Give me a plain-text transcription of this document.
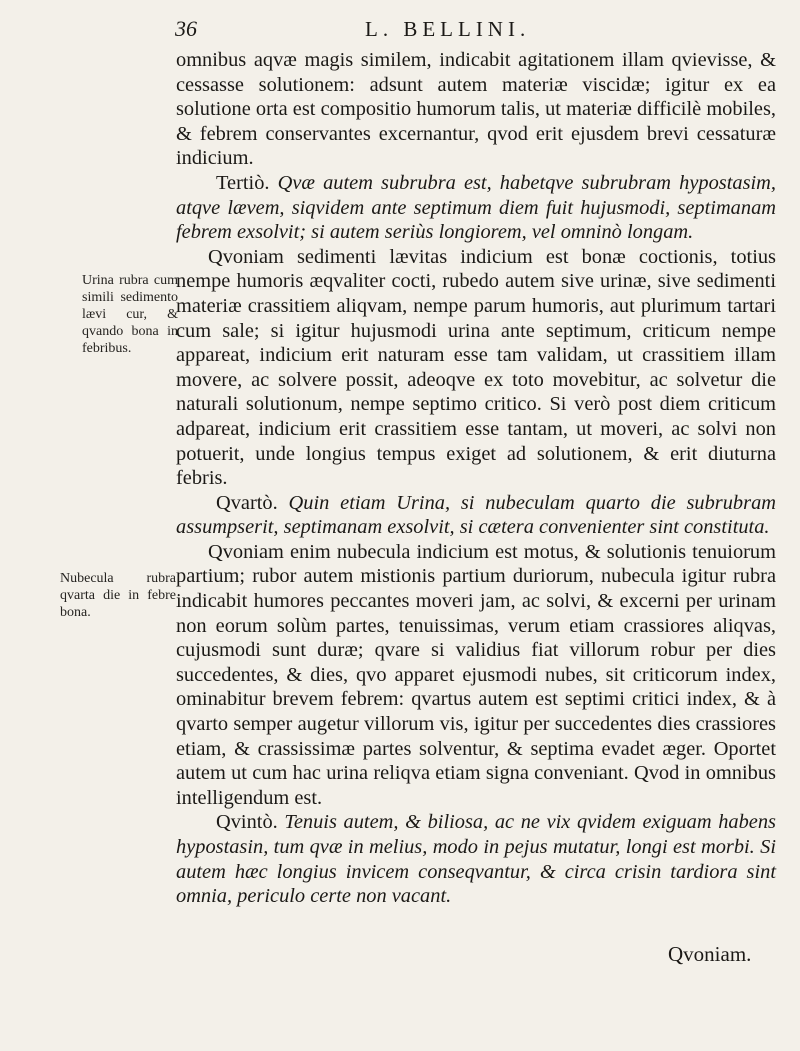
36	L. BELLINI.

omnibus aqvæ magis similem, indicabit agitationem illam qvievisse, & cessasse solutionem: adsunt autem materiæ viscidæ; igitur ex ea solutione orta est compositio humorum talis, ut materiæ difficilè mobiles, & febrem conservantes excernantur, qvod erit ejusdem brevi cessaturæ indicium.

Tertiò. Qvæ autem subrubra est, habetqve subrubram hypostasim, atqve lævem, siqvidem ante septimum diem fuit hujusmodi, septimanam febrem exsolvit; si autem seriùs longiorem, vel omninò longam.

Qvoniam sedimenti lævitas indicium est bonæ coctionis, totius nempe humoris æqvaliter cocti, rubedo autem sive urinæ, sive sedimenti materiæ crassitiem aliqvam, nempe parum humoris, aut plurimum tartari cum sale; si igitur hujusmodi urina ante septimum, criticum nempe appareat, indicium erit naturam esse tam validam, ut crassitiem illam movere, ac solvere possit, adeoqve ex toto movebitur, ac solvetur die naturali solutionum, nempe septimo critico. Si verò post diem criticum adpareat, indicium erit crassitiem esse tantam, ut moveri, ac solvi non potuerit, unde longius tempus exiget ad solutionem, & erit diuturna febris.

Qvartò. Quin etiam Urina, si nubeculam quarto die subrubram assumpserit, septimanam exsolvit, si cætera convenienter sint constituta.

Qvoniam enim nubecula indicium est motus, & solutionis tenuiorum partium; rubor autem mistionis partium duriorum, nubecula igitur rubra indicabit humores peccantes moveri jam, ac solvi, & excerni per urinam non eorum solùm partes, tenuissimas, verum etiam crassiores aliqvas, cujusmodi sunt duræ; qvare si validius fiat villorum robur per dies succedentes, & dies, qvo apparet ejusmodi nubes, sit criticorum index, ominabitur brevem febrem: qvartus autem est septimi critici index, & à qvarto semper augetur villorum vis, igitur per succedentes dies crassiores etiam, & crassissimæ partes solventur, & septima evadet æger. Oportet autem ut cum hac urina reliqva etiam signa conveniant. Qvod in omnibus intelligendum est.

Qvintò. Tenuis autem, & biliosa, ac ne vix qvidem exiguam habens hypostasin, tum qvæ in melius, modo in pejus mutatur, longi est morbi. Si autem hæc longius invicem conseqvantur, & circa crisin tardiora sint omnia, periculo certe non vacant.

Urina rubra cum simili sedimento lævi cur, & qvando bona in febribus.
Nubecula rubra qvarta die in febre bona.
Qvoniam.
